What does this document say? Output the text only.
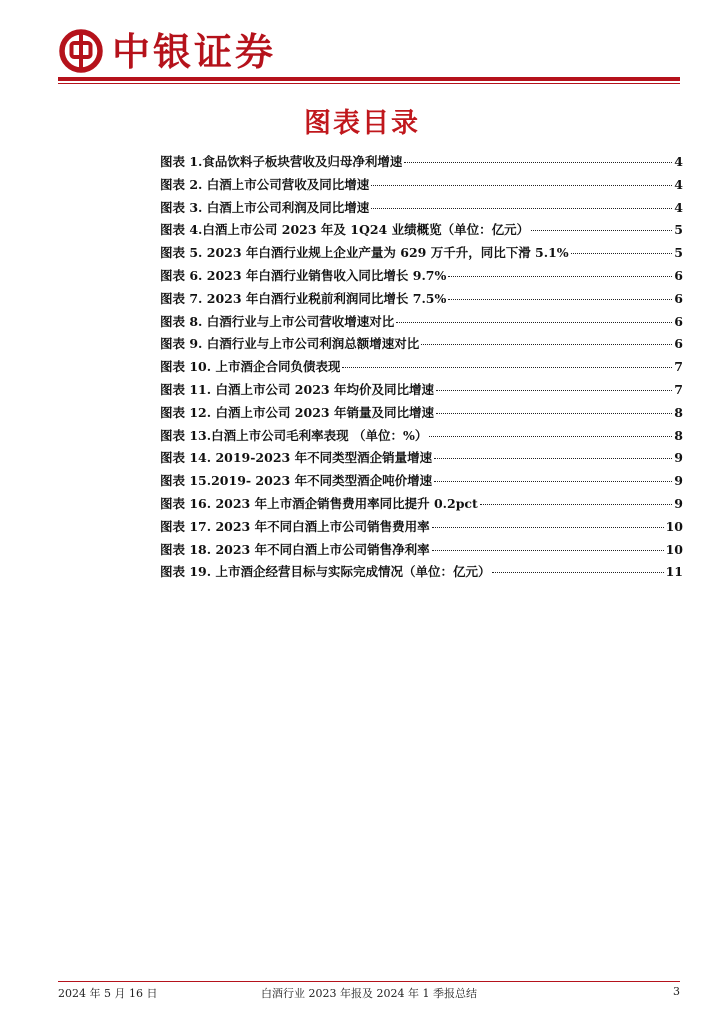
中银证券
图表目录
图表 1.食品饮料子板块营收及归母净利增速	4
图表 2. 白酒上市公司营收及同比增速	4
图表 3. 白酒上市公司利润及同比增速	4
图表 4.白酒上市公司 2023 年及 1Q24 业绩概览（单位：亿元）	5
图表 5. 2023 年白酒行业规上企业产量为 629 万千升，同比下滑 5.1%	5
图表 6. 2023 年白酒行业销售收入同比增长 9.7%	6
图表 7. 2023 年白酒行业税前利润同比增长 7.5%	6
图表 8. 白酒行业与上市公司营收增速对比	6
图表 9. 白酒行业与上市公司利润总额增速对比	6
图表 10. 上市酒企合同负债表现	7
图表 11. 白酒上市公司 2023 年均价及同比增速	7
图表 12. 白酒上市公司 2023 年销量及同比增速	8
图表 13.白酒上市公司毛利率表现 （单位：%）	8
图表 14. 2019-2023 年不同类型酒企销量增速	9
图表 15.2019- 2023 年不同类型酒企吨价增速	9
图表 16. 2023 年上市酒企销售费用率同比提升 0.2pct	9
图表 17. 2023 年不同白酒上市公司销售费用率	10
图表 18. 2023 年不同白酒上市公司销售净利率	10
图表 19. 上市酒企经营目标与实际完成情况（单位：亿元）	11
2024 年 5 月 16 日	白酒行业 2023 年报及 2024 年 1 季报总结	3
